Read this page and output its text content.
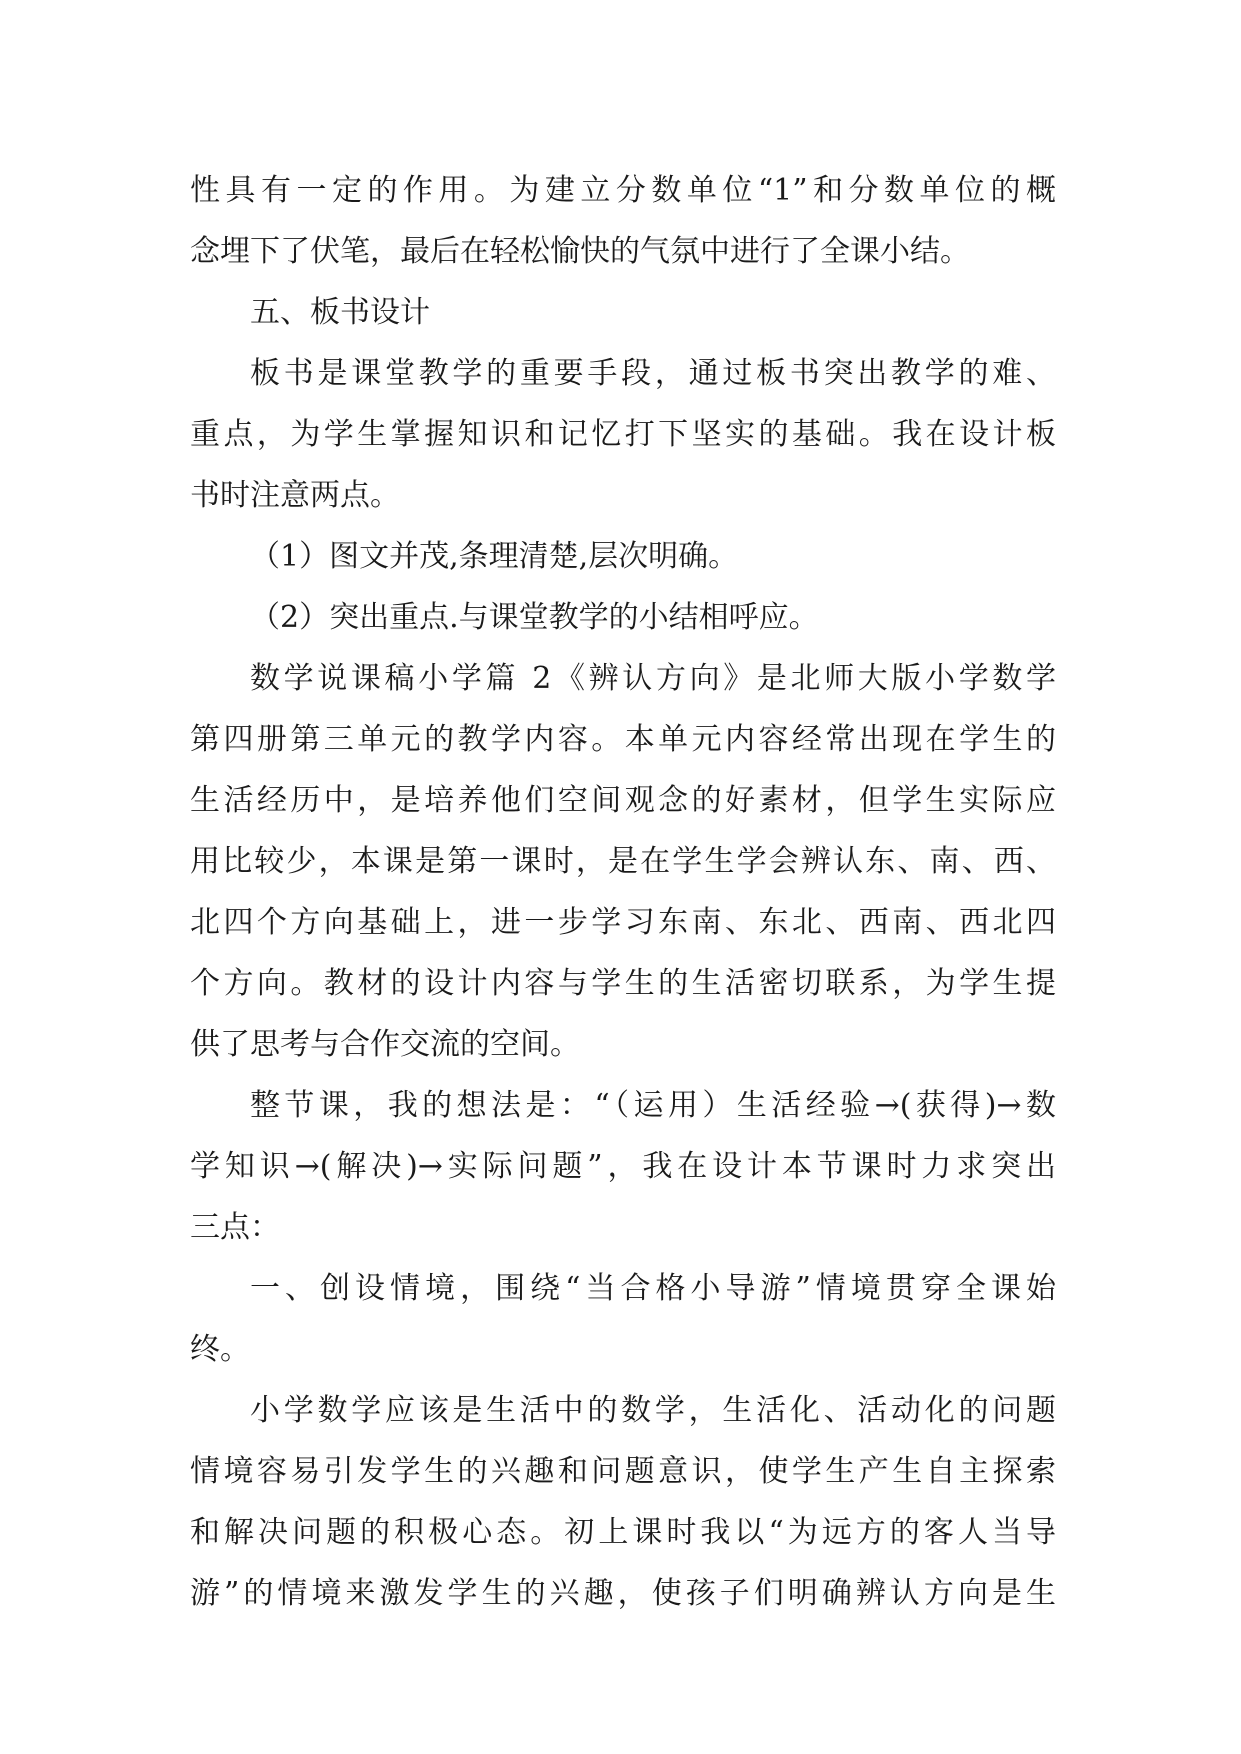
性具有一定的作用。为建立分数单位“1”和分数单位的概
念埋下了伏笔，最后在轻松愉快的气氛中进行了全课小结。
五、板书设计
板书是课堂教学的重要手段，通过板书突出教学的难、
重点，为学生掌握知识和记忆打下坚实的基础。我在设计板
书时注意两点。
（1）图文并茂,条理清楚,层次明确。
（2）突出重点.与课堂教学的小结相呼应。
数学说课稿小学篇 2《辨认方向》是北师大版小学数学
第四册第三单元的教学内容。本单元内容经常出现在学生的
生活经历中，是培养他们空间观念的好素材，但学生实际应
用比较少，本课是第一课时，是在学生学会辨认东、南、西、
北四个方向基础上，进一步学习东南、东北、西南、西北四
个方向。教材的设计内容与学生的生活密切联系，为学生提
供了思考与合作交流的空间。
整节课，我的想法是：“（运用）生活经验→(获得)→数
学知识→(解决)→实际问题”，我在设计本节课时力求突出
三点：
一、创设情境，围绕“当合格小导游”情境贯穿全课始
终。
小学数学应该是生活中的数学，生活化、活动化的问题
情境容易引发学生的兴趣和问题意识，使学生产生自主探索
和解决问题的积极心态。初上课时我以“为远方的客人当导
游”的情境来激发学生的兴趣，使孩子们明确辨认方向是生
